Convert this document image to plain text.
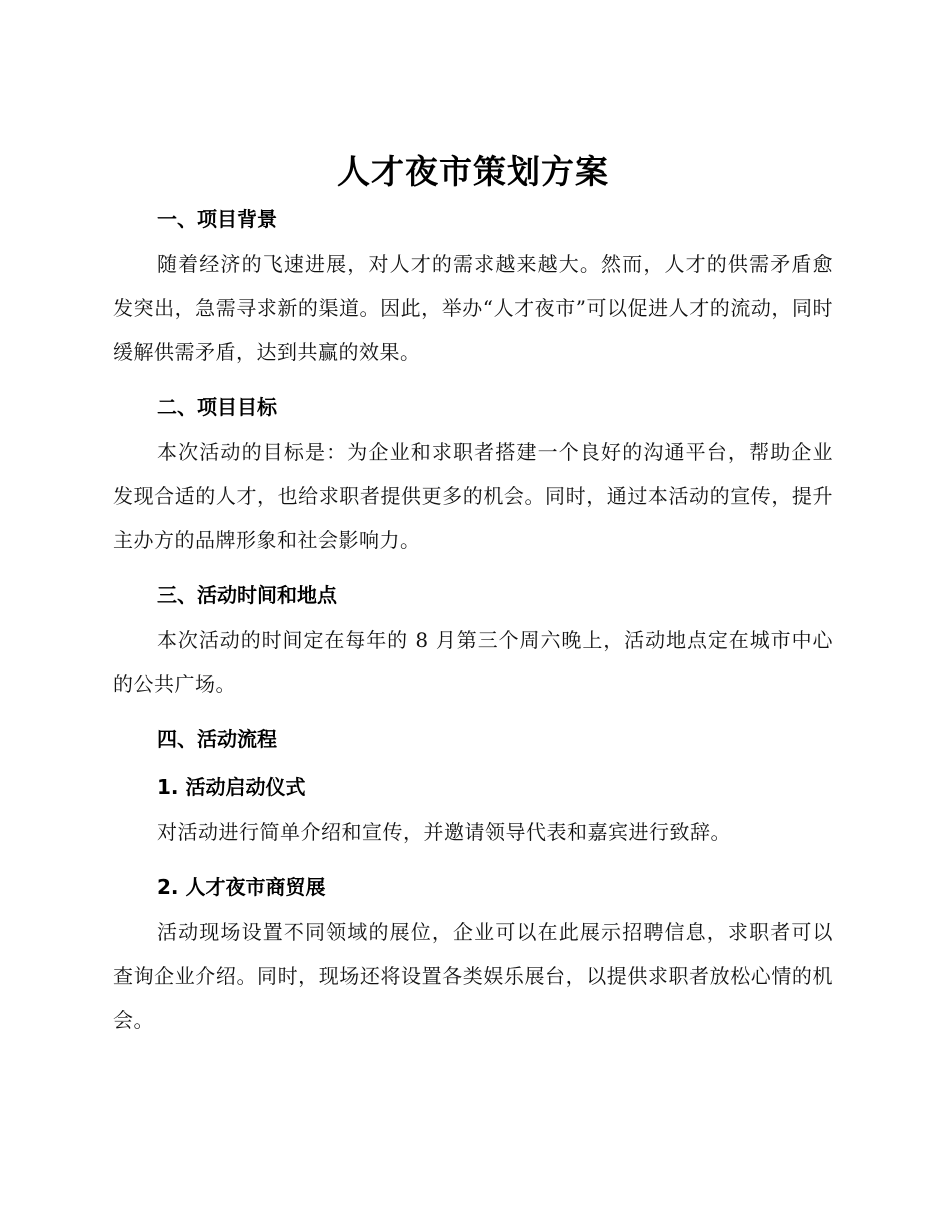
人才夜市策划方案
一、项目背景

随着经济的飞速进展，对人才的需求越来越大。然而，人才的供需矛盾愈发突出，急需寻求新的渠道。因此，举办“人才夜市”可以促进人才的流动，同时缓解供需矛盾，达到共赢的效果。

二、项目目标

本次活动的目标是：为企业和求职者搭建一个良好的沟通平台，帮助企业发现合适的人才，也给求职者提供更多的机会。同时，通过本活动的宣传，提升主办方的品牌形象和社会影响力。

三、活动时间和地点

本次活动的时间定在每年的 8 月第三个周六晚上，活动地点定在城市中心的公共广场。

四、活动流程
1. 活动启动仪式

对活动进行简单介绍和宣传，并邀请领导代表和嘉宾进行致辞。

2. 人才夜市商贸展

活动现场设置不同领域的展位，企业可以在此展示招聘信息，求职者可以查询企业介绍。同时，现场还将设置各类娱乐展台，以提供求职者放松心情的机会。
